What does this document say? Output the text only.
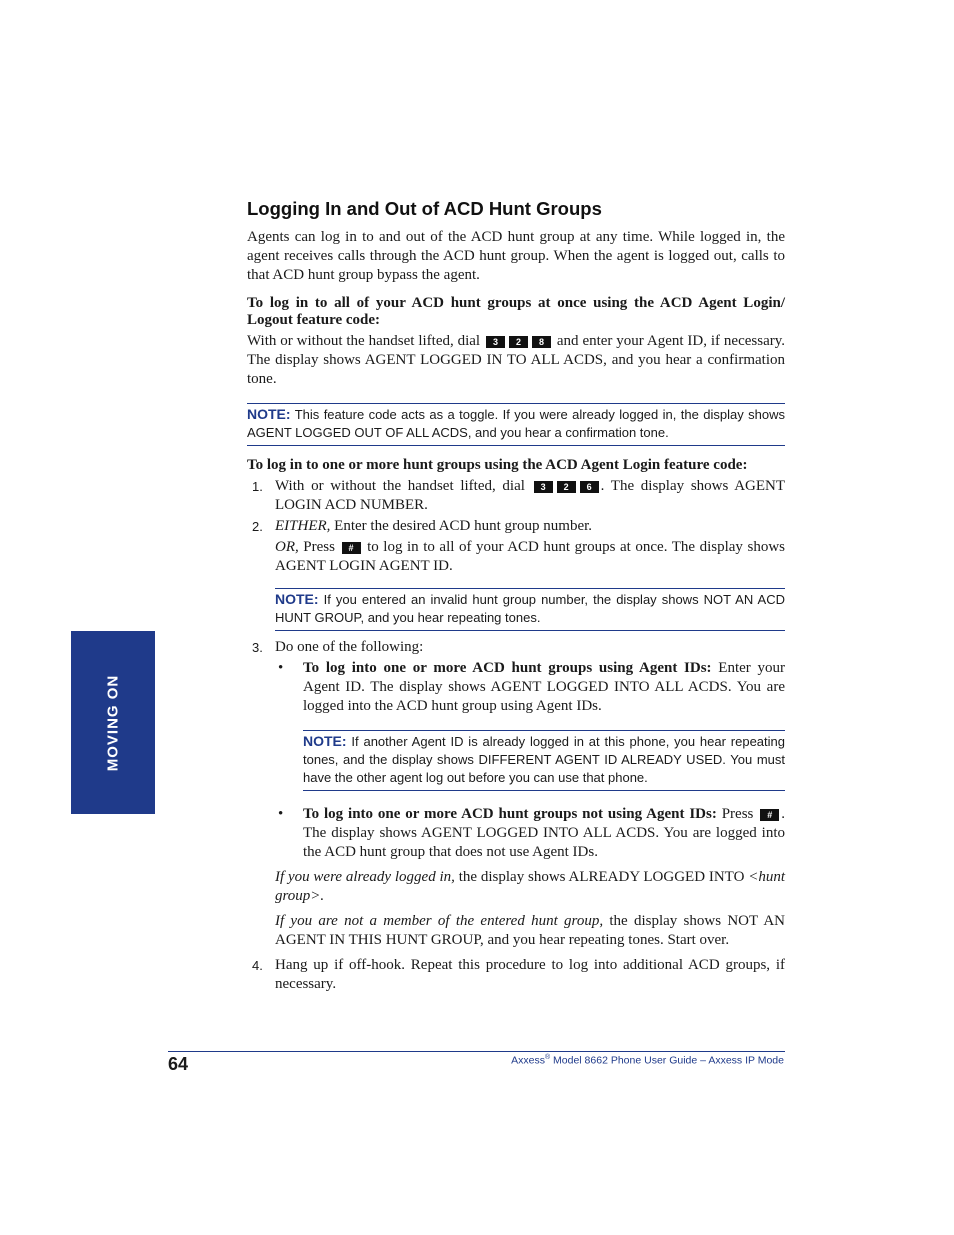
MOVING ON
Logging In and Out of ACD Hunt Groups

Agents can log in to and out of the ACD hunt group at any time. While logged in, the agent receives calls through the ACD hunt group. When the agent is logged out, calls to that ACD hunt group bypass the agent.

To log in to all of your ACD hunt groups at once using the ACD Agent Login/ Logout feature code:

With or without the handset lifted, dial 3 2 8 and enter your Agent ID, if necessary. The display shows AGENT LOGGED IN TO ALL ACDS, and you hear a confirmation tone.

NOTE: This feature code acts as a toggle. If you were already logged in, the display shows AGENT LOGGED OUT OF ALL ACDS, and you hear a confirmation tone.

To log in to one or more hunt groups using the ACD Agent Login feature code:

1. With or without the handset lifted, dial 3 2 6 . The display shows AGENT LOGIN ACD NUMBER.

2. EITHER, Enter the desired ACD hunt group number.

OR, Press # to log in to all of your ACD hunt groups at once. The display shows AGENT LOGIN AGENT ID.

NOTE: If you entered an invalid hunt group number, the display shows NOT AN ACD HUNT GROUP, and you hear repeating tones.
3. Do one of the following:

• To log into one or more ACD hunt groups using Agent IDs: Enter your Agent ID. The display shows AGENT LOGGED INTO ALL ACDS. You are logged into the ACD hunt group using Agent IDs.

NOTE: If another Agent ID is already logged in at this phone, you hear repeating tones, and the display shows DIFFERENT AGENT ID ALREADY USED. You must have the other agent log out before you can use that phone.
• To log into one or more ACD hunt groups not using Agent IDs: Press # . The display shows AGENT LOGGED INTO ALL ACDS. You are logged into the ACD hunt group that does not use Agent IDs.

If you were already logged in, the display shows ALREADY LOGGED INTO <hunt group>.

If you are not a member of the entered hunt group, the display shows NOT AN AGENT IN THIS HUNT GROUP, and you hear repeating tones. Start over.

4. Hang up if off-hook. Repeat this procedure to log into additional ACD groups, if necessary.

64	Axxess® Model 8662 Phone User Guide – Axxess IP Mode
